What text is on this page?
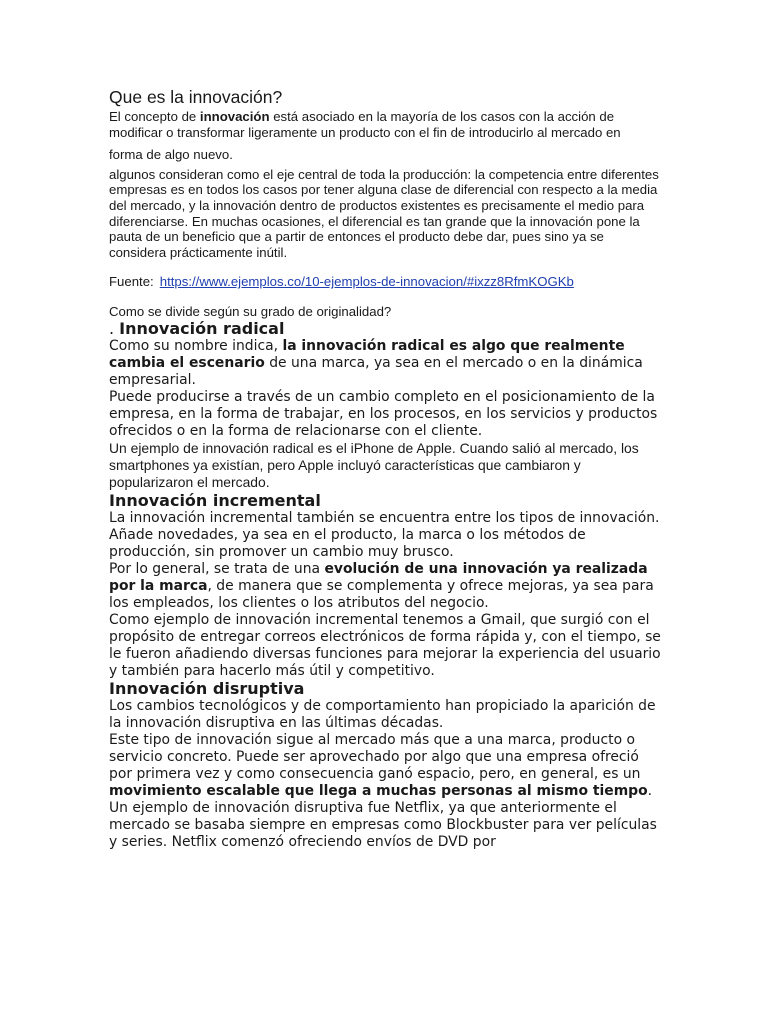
Que es la innovación?

El concepto de innovación está asociado en la mayoría de los casos con la acción de
modificar o transformar ligeramente un producto con el fin de introducirlo al mercado en

forma de algo nuevo.

algunos consideran como el eje central de toda la producción: la competencia entre diferentes empresas es en todos los casos por tener alguna clase de diferencial con respecto a la media del mercado, y la innovación dentro de productos existentes es precisamente el medio para diferenciarse. En muchas ocasiones, el diferencial es tan grande que la innovación pone la pauta de un beneficio que a partir de entonces el producto debe dar, pues sino ya se considera prácticamente inútil.

Fuente: https://www.ejemplos.co/10-ejemplos-de-innovacion/#ixzz8RfmKOGKb

Como se divide según su grado de originalidad?

. Innovación radical

Como su nombre indica, la innovación radical es algo que realmente cambia el escenario de una marca, ya sea en el mercado o en la dinámica empresarial.

Puede producirse a través de un cambio completo en el posicionamiento de la empresa, en la forma de trabajar, en los procesos, en los servicios y productos ofrecidos o en la forma de relacionarse con el cliente.

Un ejemplo de innovación radical es el iPhone de Apple. Cuando salió al mercado, los smartphones ya existían, pero Apple incluyó características que cambiaron y popularizaron el mercado.

Innovación incremental

La innovación incremental también se encuentra entre los tipos de innovación. Añade novedades, ya sea en el producto, la marca o los métodos de producción, sin promover un cambio muy brusco.

Por lo general, se trata de una evolución de una innovación ya realizada por la marca, de manera que se complementa y ofrece mejoras, ya sea para los empleados, los clientes o los atributos del negocio.

Como ejemplo de innovación incremental tenemos a Gmail, que surgió con el propósito de entregar correos electrónicos de forma rápida y, con el tiempo, se le fueron añadiendo diversas funciones para mejorar la experiencia del usuario y también para hacerlo más útil y competitivo.

Innovación disruptiva

Los cambios tecnológicos y de comportamiento han propiciado la aparición de la innovación disruptiva en las últimas décadas.

Este tipo de innovación sigue al mercado más que a una marca, producto o servicio concreto. Puede ser aprovechado por algo que una empresa ofreció por primera vez y como consecuencia ganó espacio, pero, en general, es un movimiento escalable que llega a muchas personas al mismo tiempo.

Un ejemplo de innovación disruptiva fue Netflix, ya que anteriormente el mercado se basaba siempre en empresas como Blockbuster para ver películas y series. Netflix comenzó ofreciendo envíos de DVD por
